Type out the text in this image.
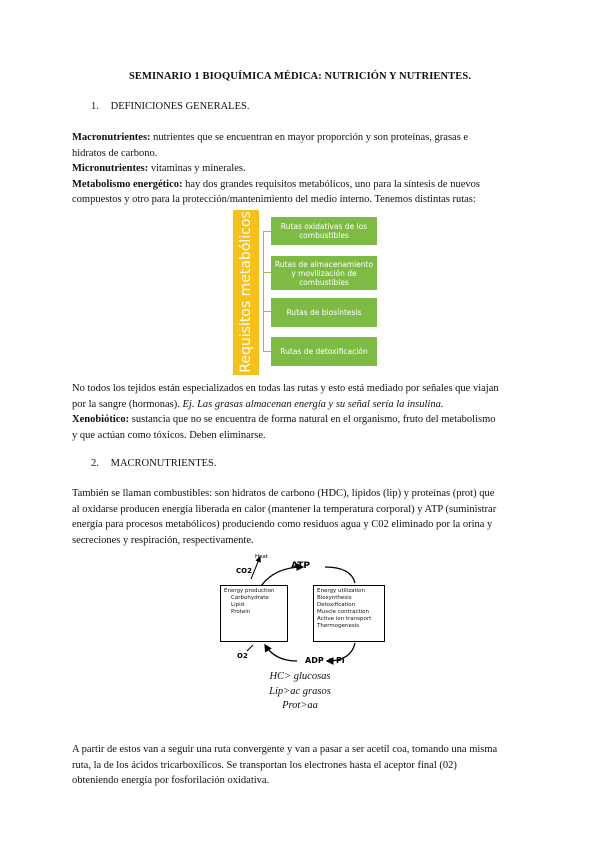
SEMINARIO 1 BIOQUÍMICA MÉDICA: NUTRICIÓN Y NUTRIENTES.
1. DEFINICIONES GENERALES.
Macronutrientes: nutrientes que se encuentran en mayor proporción y son proteínas, grasas e
hidratos de carbono.
Micronutrientes: vitaminas y minerales.
Metabolismo energético: hay dos grandes requisitos metabólicos, uno para la síntesis de nuevos
compuestos y otro para la protección/mantenimiento del medio interno. Tenemos distintas rutas:
Requisitos metabólicos	Rutas oxidativas de los
combustibles
Rutas de almacenamiento
y movilización de
combustibles
Rutas de biosíntesis
Rutas de detoxificación
No todos los tejidos están especializados en todas las rutas y esto está mediado por señales que viajan
por la sangre (hormonas). Ej. Las grasas almacenan energía y su señal sería la insulina.
Xenobiótico: sustancia que no se encuentra de forma natural en el organismo, fruto del metabolismo
y que actúan como tóxicos. Deben eliminarse.
2. MACRONUTRIENTES.
También se llaman combustibles: son hidratos de carbono (HDC), lípidos (lip) y proteínas (prot) que
al oxidarse producen energía liberada en calor (mantener la temperatura corporal) y ATP (suministrar
energía para procesos metabólicos) produciendo como residuos agua y C02 eliminado por la orina y
secreciones y respiración, respectivamente.
Heat
CO2	ATP
O2	ADP + Pi
Energy production
Carbohydrate
Lipid
Protein
Energy utilization
Biosynthesis
Detoxification
Muscle contraction
Active ion transport
Thermogenesis
HC> glucosas
Lip>ac grasos
Prot>aa
A partir de estos van a seguir una ruta convergente y van a pasar a ser acetil coa, tomando una misma
ruta, la de los ácidos tricarboxílicos. Se transportan los electrones hasta el aceptor final (02)
obteniendo energía por fosforilación oxidativa.
